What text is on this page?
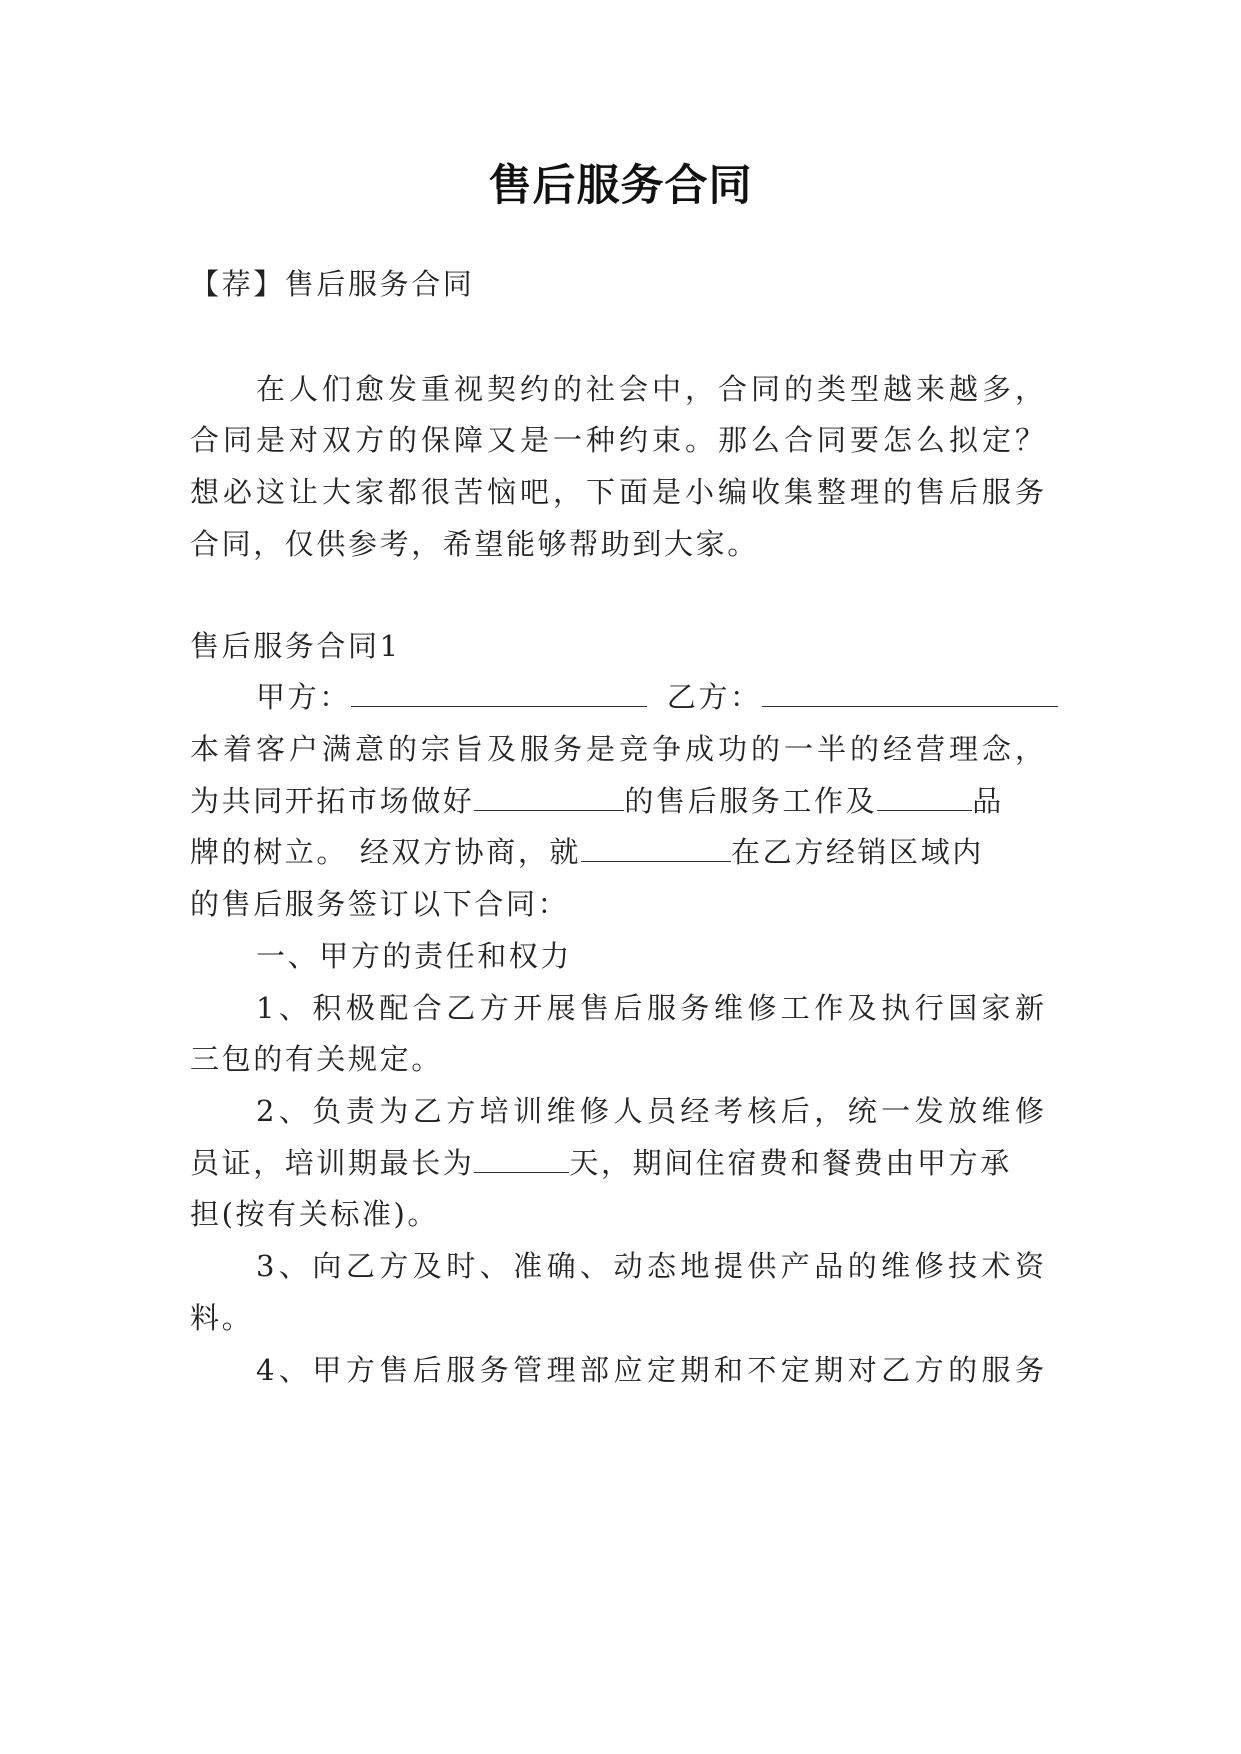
售后服务合同
【荐】售后服务合同
在人们愈发重视契约的社会中，合同的类型越来越多，
合同是对双方的保障又是一种约束。那么合同要怎么拟定？
想必这让大家都很苦恼吧，下面是小编收集整理的售后服务
合同，仅供参考，希望能够帮助到大家。
售后服务合同1
甲方：	乙方：
本着客户满意的宗旨及服务是竞争成功的一半的经营理念，
为共同开拓市场做好	的售后服务工作及	品
牌的树立。 经双方协商，就	在乙方经销区域内
的售后服务签订以下合同：
一、甲方的责任和权力
1、积极配合乙方开展售后服务维修工作及执行国家新
三包的有关规定。
2、负责为乙方培训维修人员经考核后，统一发放维修
员证，培训期最长为	天，期间住宿费和餐费由甲方承
担(按有关标准)。
3、向乙方及时、准确、动态地提供产品的维修技术资
料。
4、甲方售后服务管理部应定期和不定期对乙方的服务
